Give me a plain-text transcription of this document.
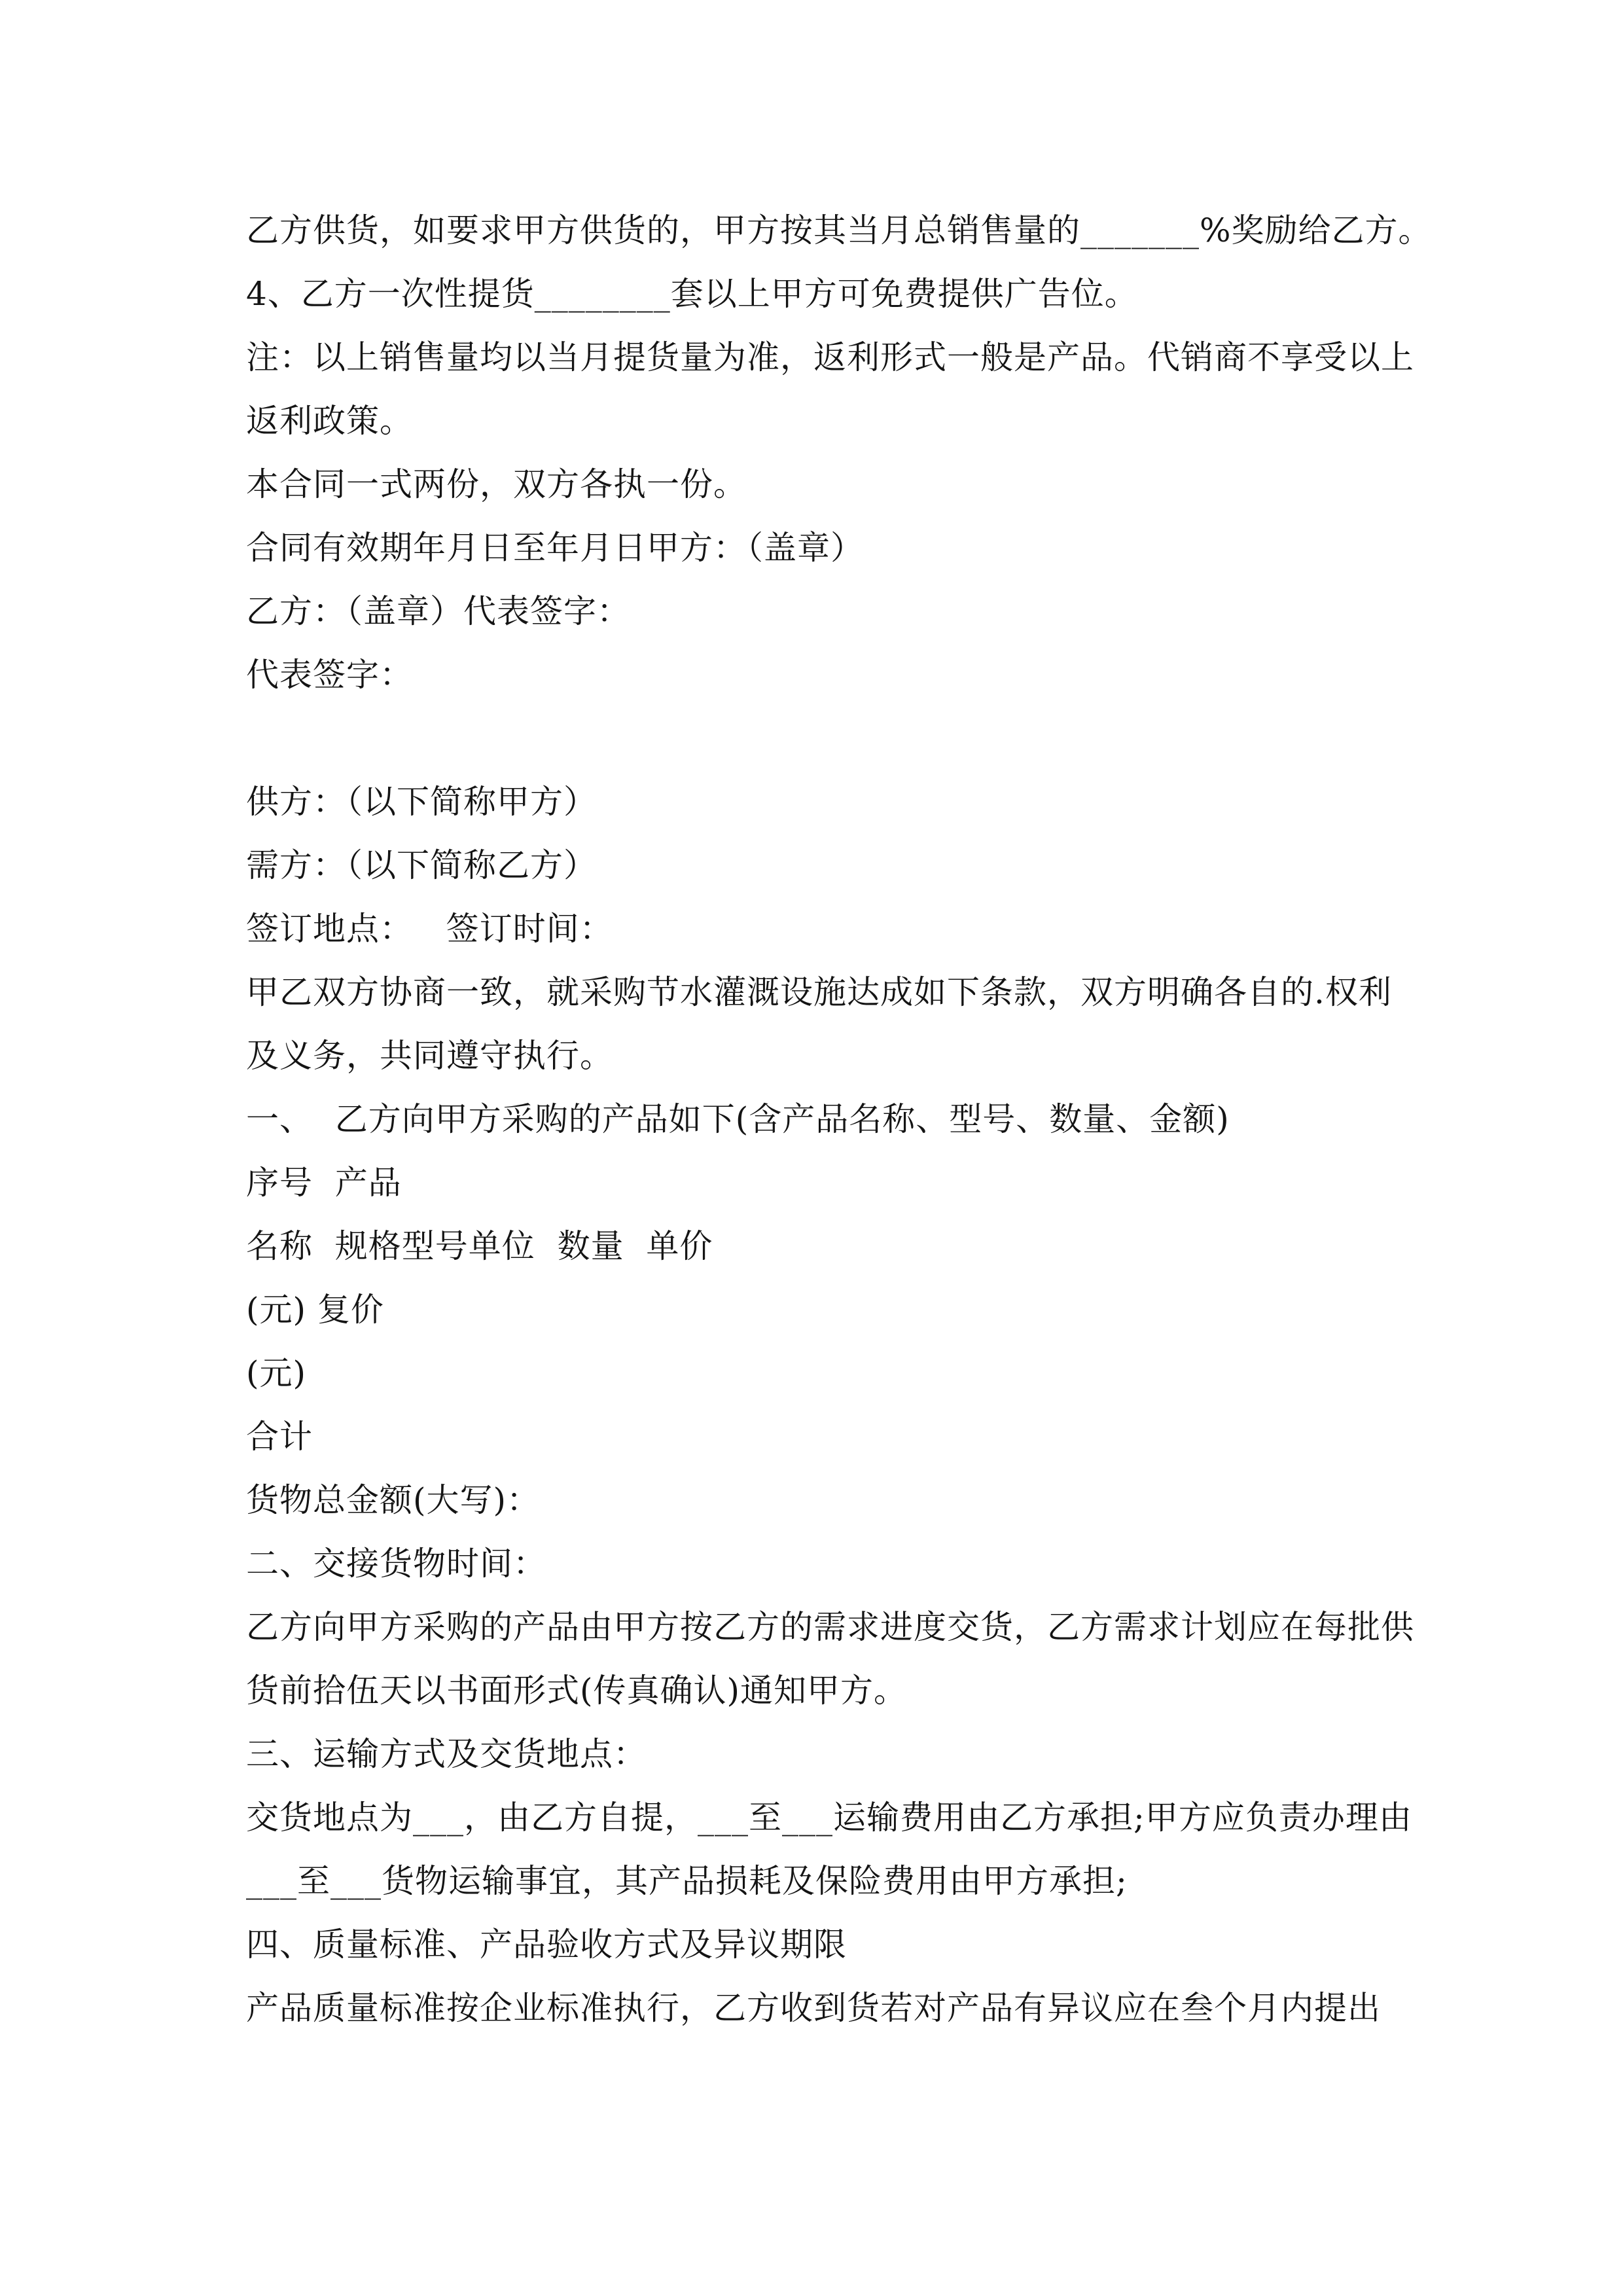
乙方供货，如要求甲方供货的，甲方按其当月总销售量的_______%奖励给乙方。
4、乙方一次性提货________套以上甲方可免费提供广告位。
注：以上销售量均以当月提货量为准，返利形式一般是产品。代销商不享受以上
返利政策。
本合同一式两份，双方各执一份。
合同有效期年月日至年月日甲方：（盖章）
乙方：（盖章）代表签字：
代表签字：
供方：（以下简称甲方）
需方：（以下简称乙方）
签订地点：   签订时间：
甲乙双方协商一致，就采购节水灌溉设施达成如下条款，双方明确各自的.权利
及义务，共同遵守执行。
一、  乙方向甲方采购的产品如下(含产品名称、型号、数量、金额)
序号  产品
名称  规格型号单位  数量  单价
(元) 复价
(元)
合计
货物总金额(大写)：
二、交接货物时间：
乙方向甲方采购的产品由甲方按乙方的需求进度交货，乙方需求计划应在每批供
货前拾伍天以书面形式(传真确认)通知甲方。
三、运输方式及交货地点：
交货地点为___，由乙方自提，___至___运输费用由乙方承担;甲方应负责办理由
___至___货物运输事宜，其产品损耗及保险费用由甲方承担;
四、质量标准、产品验收方式及异议期限
产品质量标准按企业标准执行，乙方收到货若对产品有异议应在叁个月内提出
